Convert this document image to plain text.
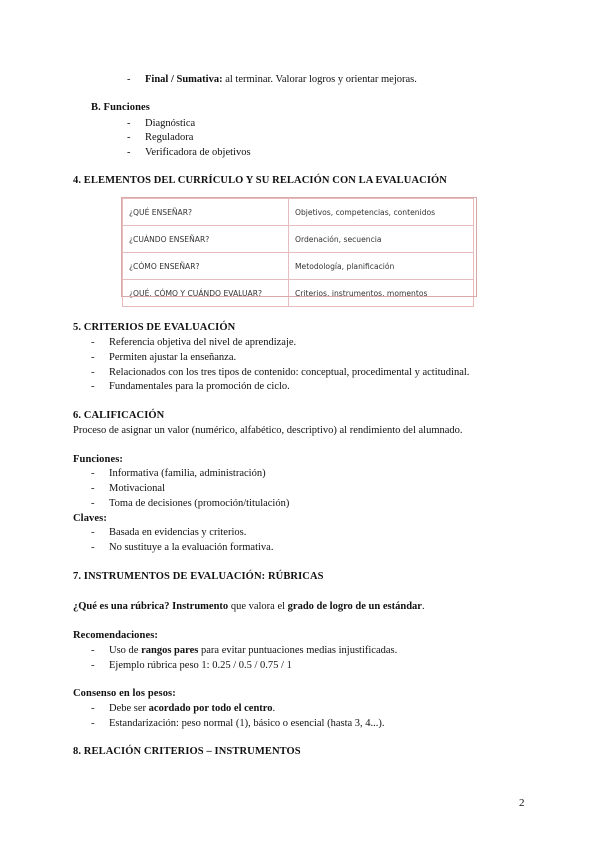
- Final / Sumativa: al terminar. Valorar logros y orientar mejoras.
B. Funciones
- Diagnóstica
- Reguladora
- Verificadora de objetivos
4. ELEMENTOS DEL CURRÍCULO Y SU RELACIÓN CON LA EVALUACIÓN
¿QUÉ ENSEÑAR?	Objetivos, competencias, contenidos
¿CUÁNDO ENSEÑAR?	Ordenación, secuencia
¿CÓMO ENSEÑAR?	Metodología, planificación
¿QUÉ, CÓMO Y CUÁNDO EVALUAR?	Criterios, instrumentos, momentos
5. CRITERIOS DE EVALUACIÓN
- Referencia objetiva del nivel de aprendizaje.
- Permiten ajustar la enseñanza.
- Relacionados con los tres tipos de contenido: conceptual, procedimental y actitudinal.
- Fundamentales para la promoción de ciclo.
6. CALIFICACIÓN
Proceso de asignar un valor (numérico, alfabético, descriptivo) al rendimiento del alumnado.
Funciones:
- Informativa (familia, administración)
- Motivacional
- Toma de decisiones (promoción/titulación)
Claves:
- Basada en evidencias y criterios.
- No sustituye a la evaluación formativa.
7. INSTRUMENTOS DE EVALUACIÓN: RÚBRICAS
¿Qué es una rúbrica? Instrumento que valora el grado de logro de un estándar.
Recomendaciones:
- Uso de rangos pares para evitar puntuaciones medias injustificadas.
- Ejemplo rúbrica peso 1: 0.25 / 0.5 / 0.75 / 1
Consenso en los pesos:
- Debe ser acordado por todo el centro.
- Estandarización: peso normal (1), básico o esencial (hasta 3, 4...).
8. RELACIÓN CRITERIOS – INSTRUMENTOS
2
